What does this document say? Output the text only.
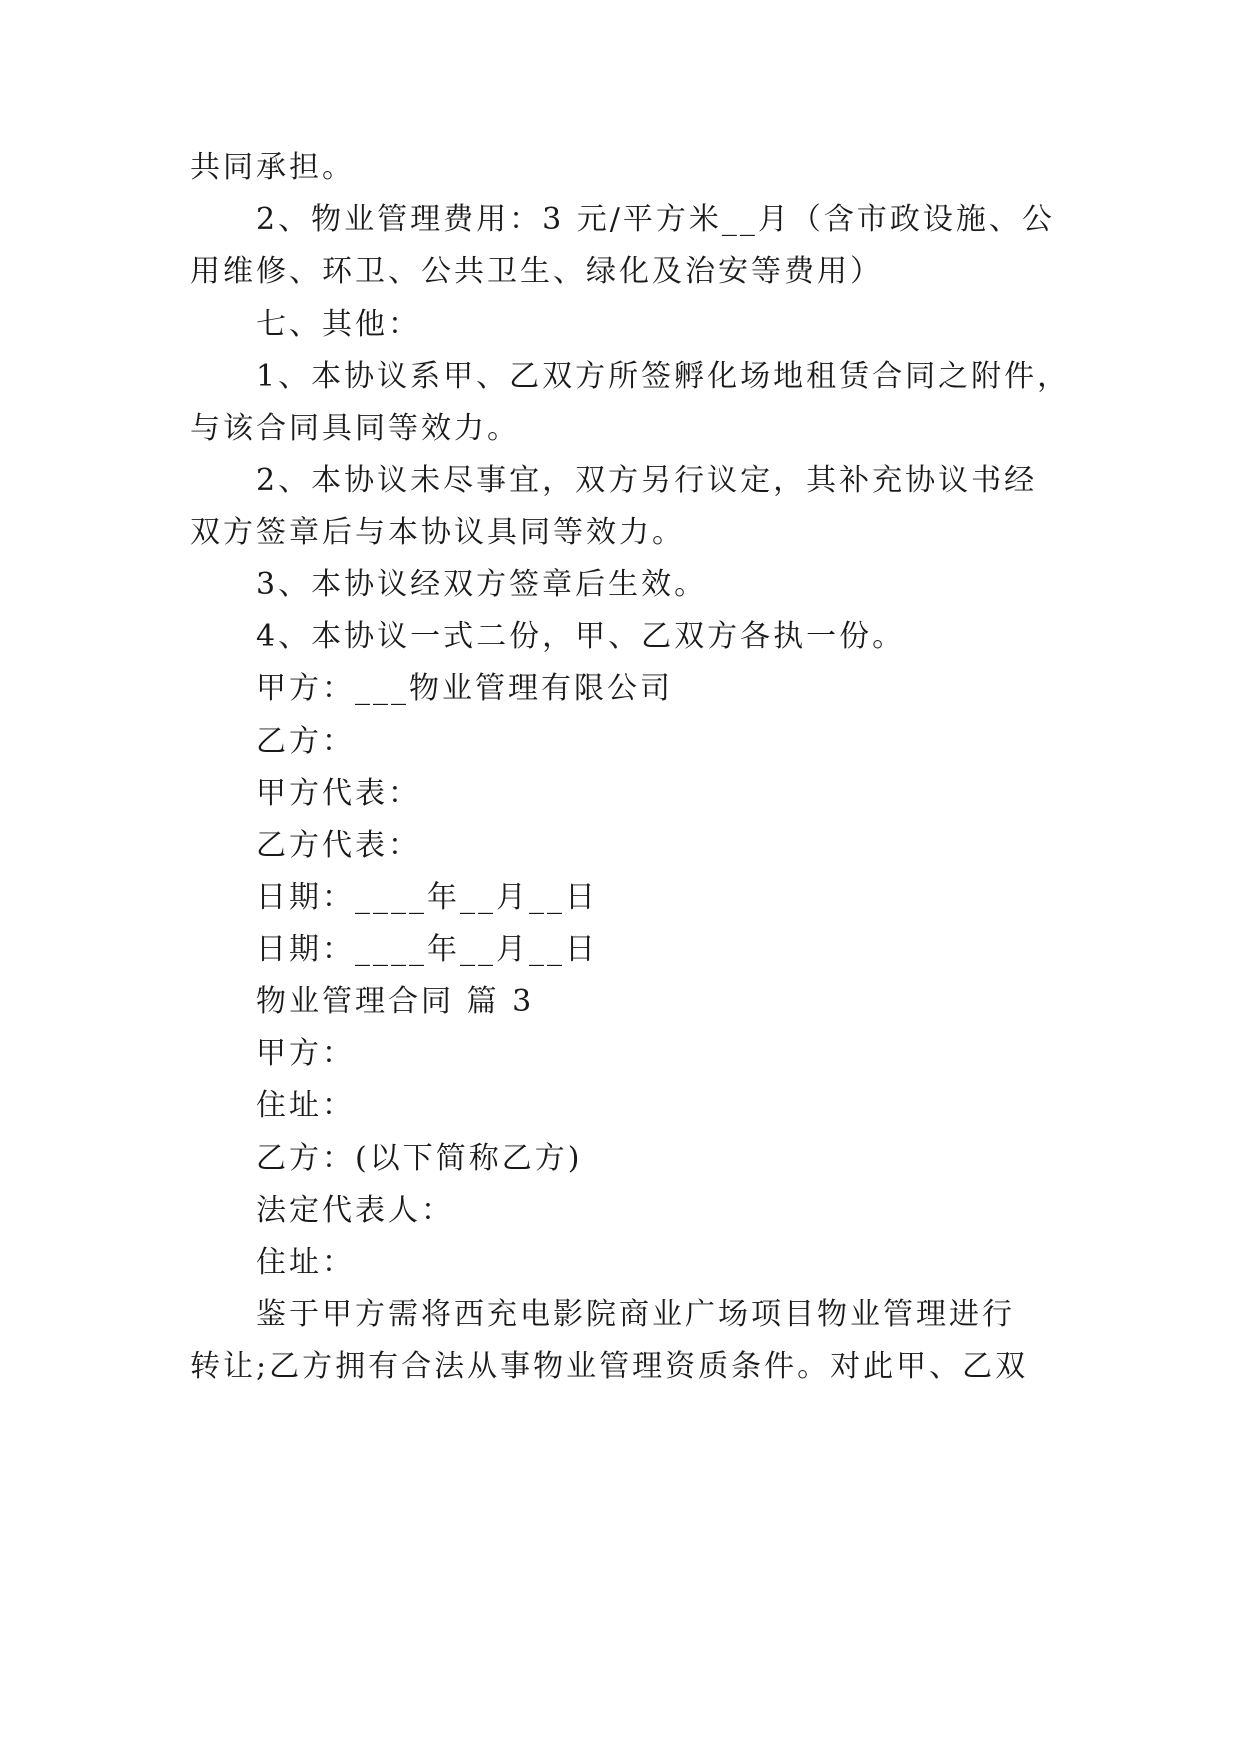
共同承担。
2、物业管理费用：3 元/平方米__月（含市政设施、公
用维修、环卫、公共卫生、绿化及治安等费用）
七、其他：
1、本协议系甲、乙双方所签孵化场地租赁合同之附件，
与该合同具同等效力。
2、本协议未尽事宜，双方另行议定，其补充协议书经
双方签章后与本协议具同等效力。
3、本协议经双方签章后生效。
4、本协议一式二份，甲、乙双方各执一份。
甲方：___物业管理有限公司
乙方：
甲方代表：
乙方代表：
日期：____年__月__日
日期：____年__月__日
物业管理合同 篇 3
甲方：
住址：
乙方：(以下简称乙方)
法定代表人：
住址：
鉴于甲方需将西充电影院商业广场项目物业管理进行
转让;乙方拥有合法从事物业管理资质条件。对此甲、乙双
